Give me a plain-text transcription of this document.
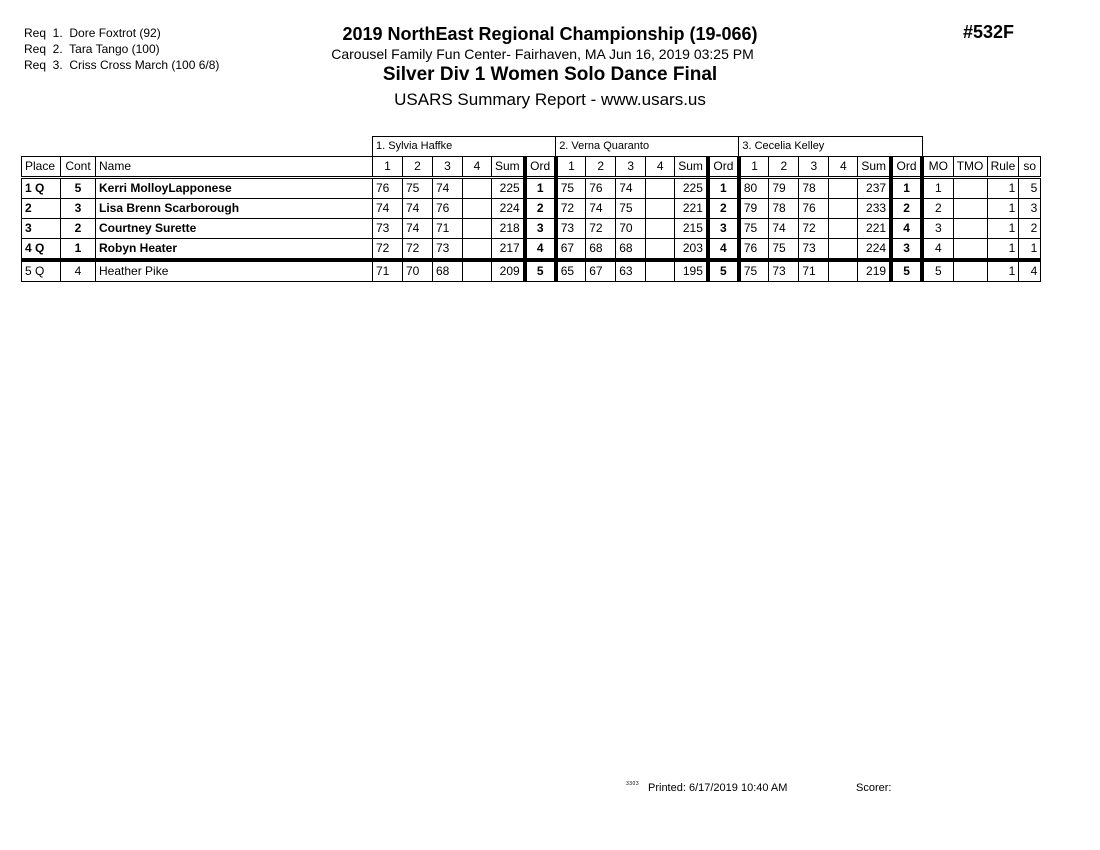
Req  1.  Dore Foxtrot (92)
Req  2.  Tara Tango (100)
Req  3.  Criss Cross March (100 6/8)
2019 NorthEast Regional Championship (19-066)
Carousel Family Fun Center- Fairhaven, MA Jun 16, 2019 03:25 PM
Silver Div 1 Women Solo Dance Final
USARS Summary Report - www.usars.us
#532F
			1. Sylvia Haffke						2. Verna Quaranto						3. Cecelia Kelley									
Place	Cont	Name	1	2	3	4	Sum	Ord	1	2	3	4	Sum	Ord	1	2	3	4	Sum	Ord	MO	TMO	Rule	so
1 Q	5	Kerri MolloyLapponese	76	75	74		225	1	75	76	74		225	1	80	79	78		237	1	1		1	5
2	3	Lisa Brenn Scarborough	74	74	76		224	2	72	74	75		221	2	79	78	76		233	2	2		1	3
3	2	Courtney Surette	73	74	71		218	3	73	72	70		215	3	75	74	72		221	4	3		1	2
4 Q	1	Robyn Heater	72	72	73		217	4	67	68	68		203	4	76	75	73		224	3	4		1	1
5 Q	4	Heather Pike	71	70	68		209	5	65	67	63		195	5	75	73	71		219	5	5		1	4
3303 Printed: 6/17/2019 10:40 AM	Scorer:
